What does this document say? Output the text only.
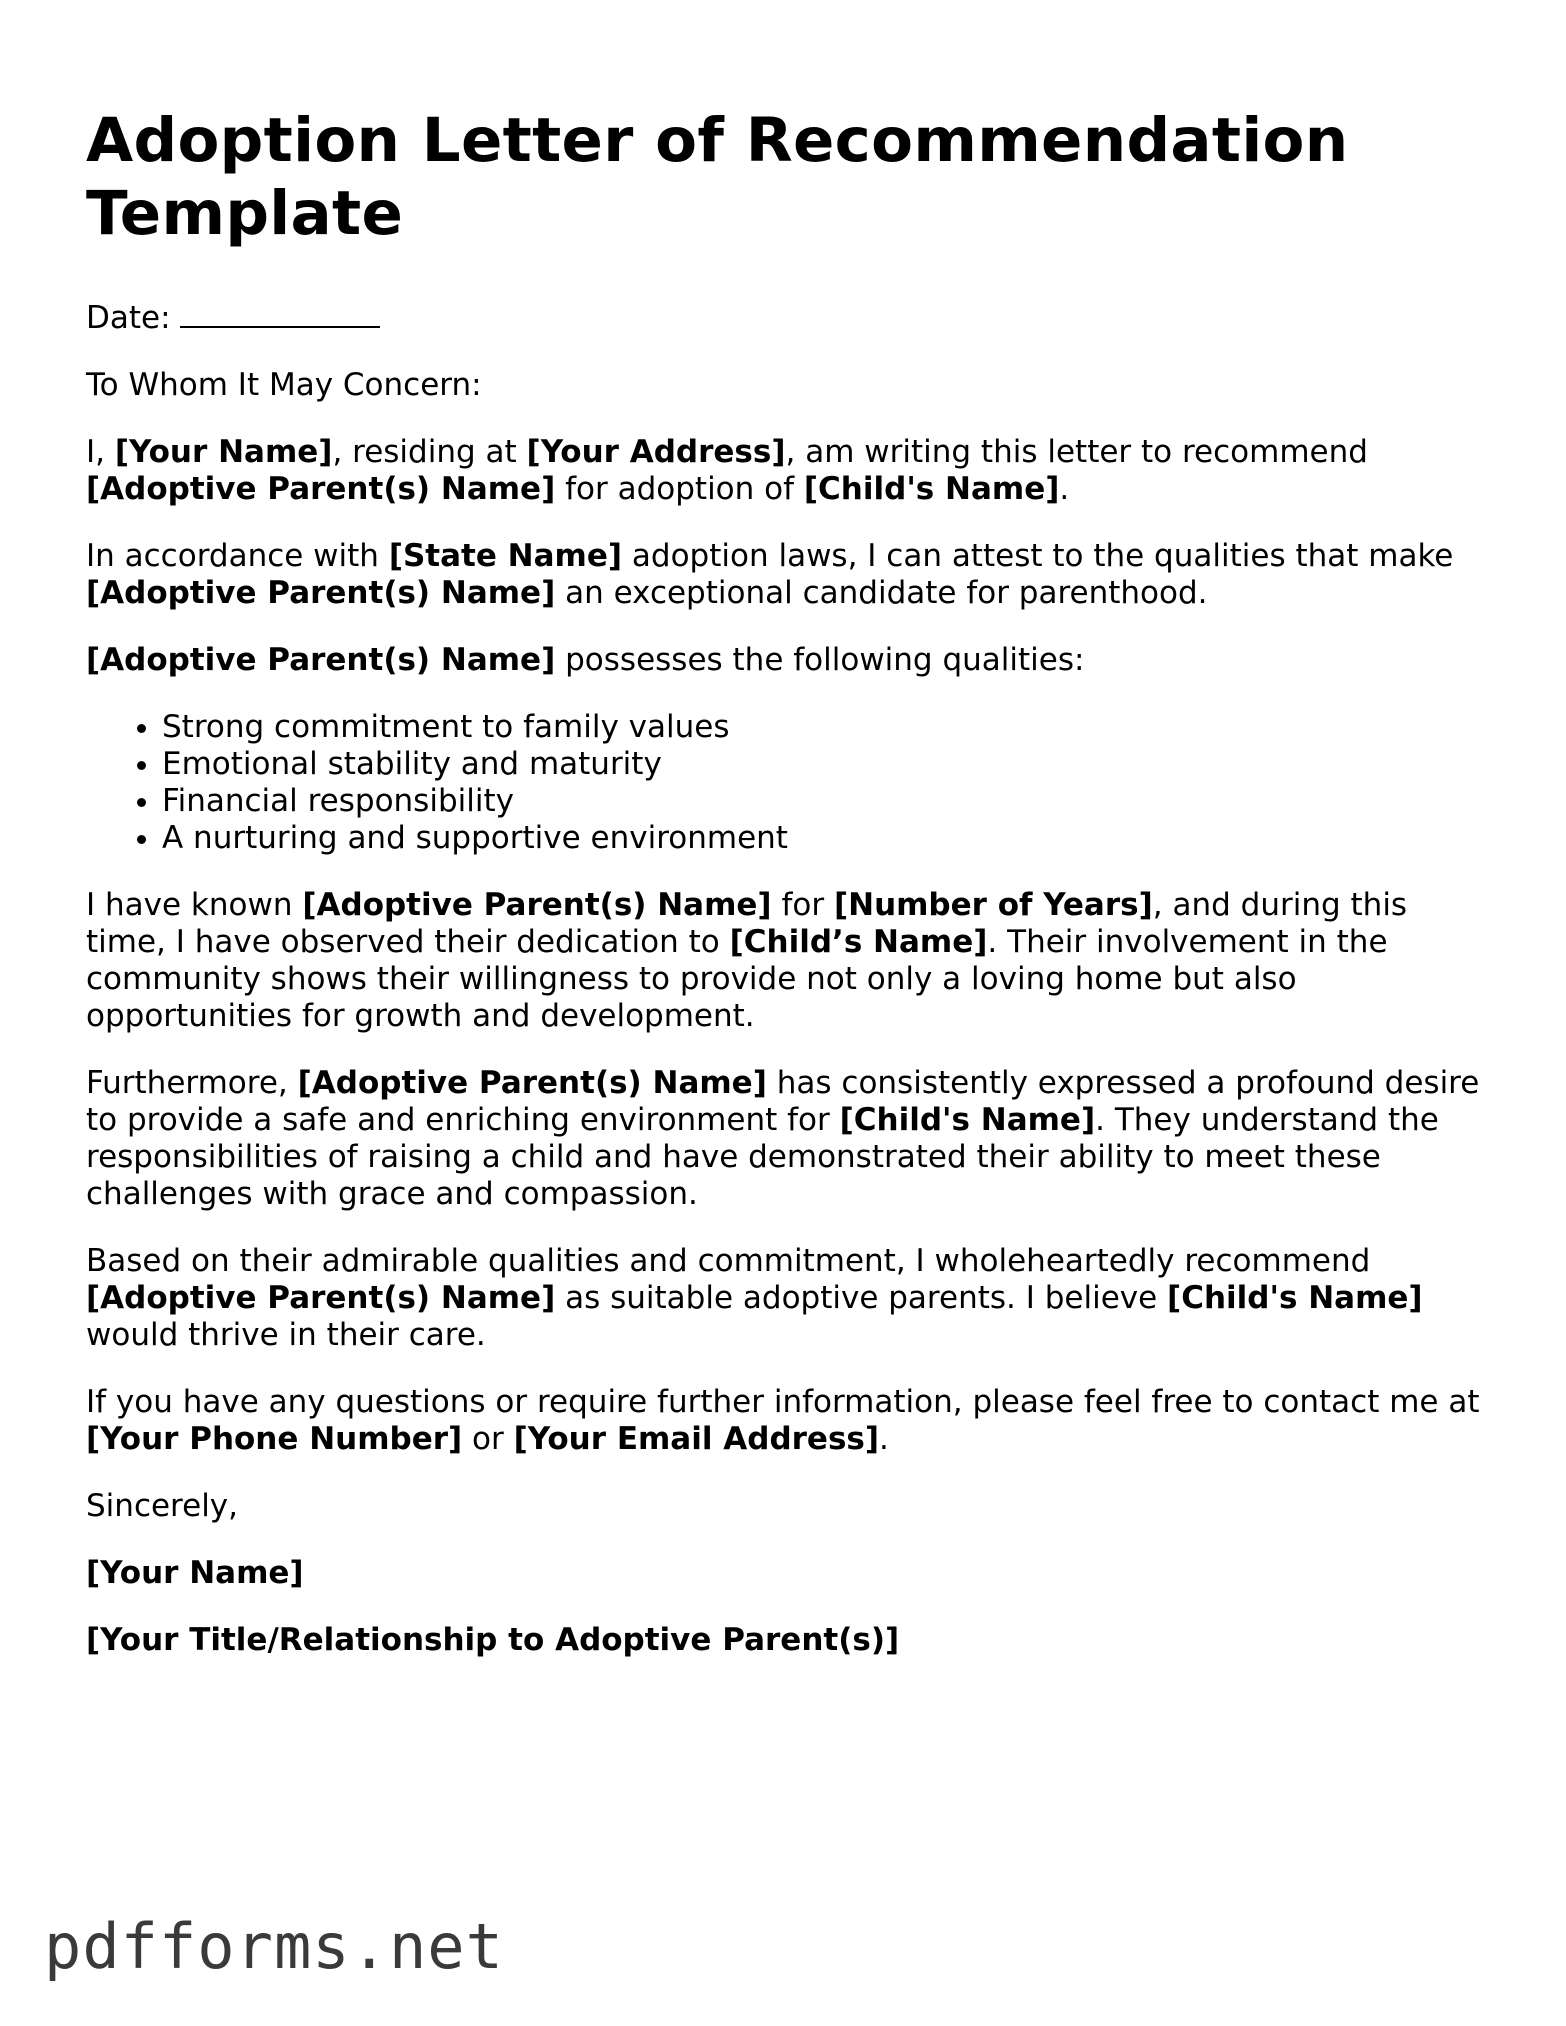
Adoption Letter of Recommendation Template

Date:

To Whom It May Concern:

I, [Your Name], residing at [Your Address], am writing this letter to recommend [Adoptive Parent(s) Name] for adoption of [Child's Name].

In accordance with [State Name] adoption laws, I can attest to the qualities that make [Adoptive Parent(s) Name] an exceptional candidate for parenthood.

[Adoptive Parent(s) Name] possesses the following qualities:

• Strong commitment to family values
• Emotional stability and maturity
• Financial responsibility
• A nurturing and supportive environment

I have known [Adoptive Parent(s) Name] for [Number of Years], and during this time, I have observed their dedication to [Child’s Name]. Their involvement in the community shows their willingness to provide not only a loving home but also opportunities for growth and development.

Furthermore, [Adoptive Parent(s) Name] has consistently expressed a profound desire to provide a safe and enriching environment for [Child's Name]. They understand the responsibilities of raising a child and have demonstrated their ability to meet these challenges with grace and compassion.

Based on their admirable qualities and commitment, I wholeheartedly recommend [Adoptive Parent(s) Name] as suitable adoptive parents. I believe [Child's Name] would thrive in their care.

If you have any questions or require further information, please feel free to contact me at [Your Phone Number] or [Your Email Address].

Sincerely,

[Your Name]

[Your Title/Relationship to Adoptive Parent(s)]

pdfforms.net
